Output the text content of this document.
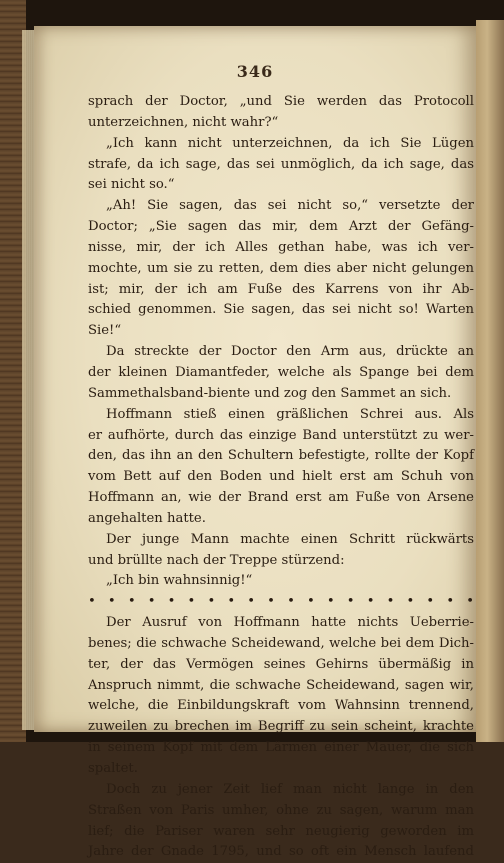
346
sprach der Doctor, „und Sie werden das Protocoll
unterzeichnen, nicht wahr?“
„Ich kann nicht unterzeichnen, da ich Sie Lügen
strafe, da ich sage, das sei unmöglich, da ich sage, das
sei nicht so.“
„Ah! Sie sagen, das sei nicht so,“ versetzte der
Doctor; „Sie sagen das mir, dem Arzt der Gefäng-
nisse, mir, der ich Alles gethan habe, was ich ver-
mochte, um sie zu retten, dem dies aber nicht gelungen
ist; mir, der ich am Fuße des Karrens von ihr Ab-
schied genommen. Sie sagen, das sei nicht so! Warten
Sie!“
Da streckte der Doctor den Arm aus, drückte an
der kleinen Diamantfeder, welche als Spange bei dem
Sammethalsband-biente und zog den Sammet an sich.
Hoffmann stieß einen gräßlichen Schrei aus. Als
er aufhörte, durch das einzige Band unterstützt zu wer-
den, das ihn an den Schultern befestigte, rollte der Kopf
vom Bett auf den Boden und hielt erst am Schuh von
Hoffmann an, wie der Brand erst am Fuße von Arsene
angehalten hatte.
Der junge Mann machte einen Schritt rückwärts
und brüllte nach der Treppe stürzend:
„Ich bin wahnsinnig!“
• • • • • • • • • • • • • • • • • • • •
Der Ausruf von Hoffmann hatte nichts Ueberrie-
benes; die schwache Scheidewand, welche bei dem Dich-
ter, der das Vermögen seines Gehirns übermäßig in
Anspruch nimmt, die schwache Scheidewand, sagen wir,
welche, die Einbildungskraft vom Wahnsinn trennend,
zuweilen zu brechen im Begriff zu sein scheint, krachte
in seinem Kopf mit dem Lärmen einer Mauer, die sich
spaltet.
Doch zu jener Zeit lief man nicht lange in den
Straßen von Paris umher, ohne zu sagen, warum man
lief; die Pariser waren sehr neugierig geworden im
Jahre der Gnade 1795, und so oft ein Mensch laufend
